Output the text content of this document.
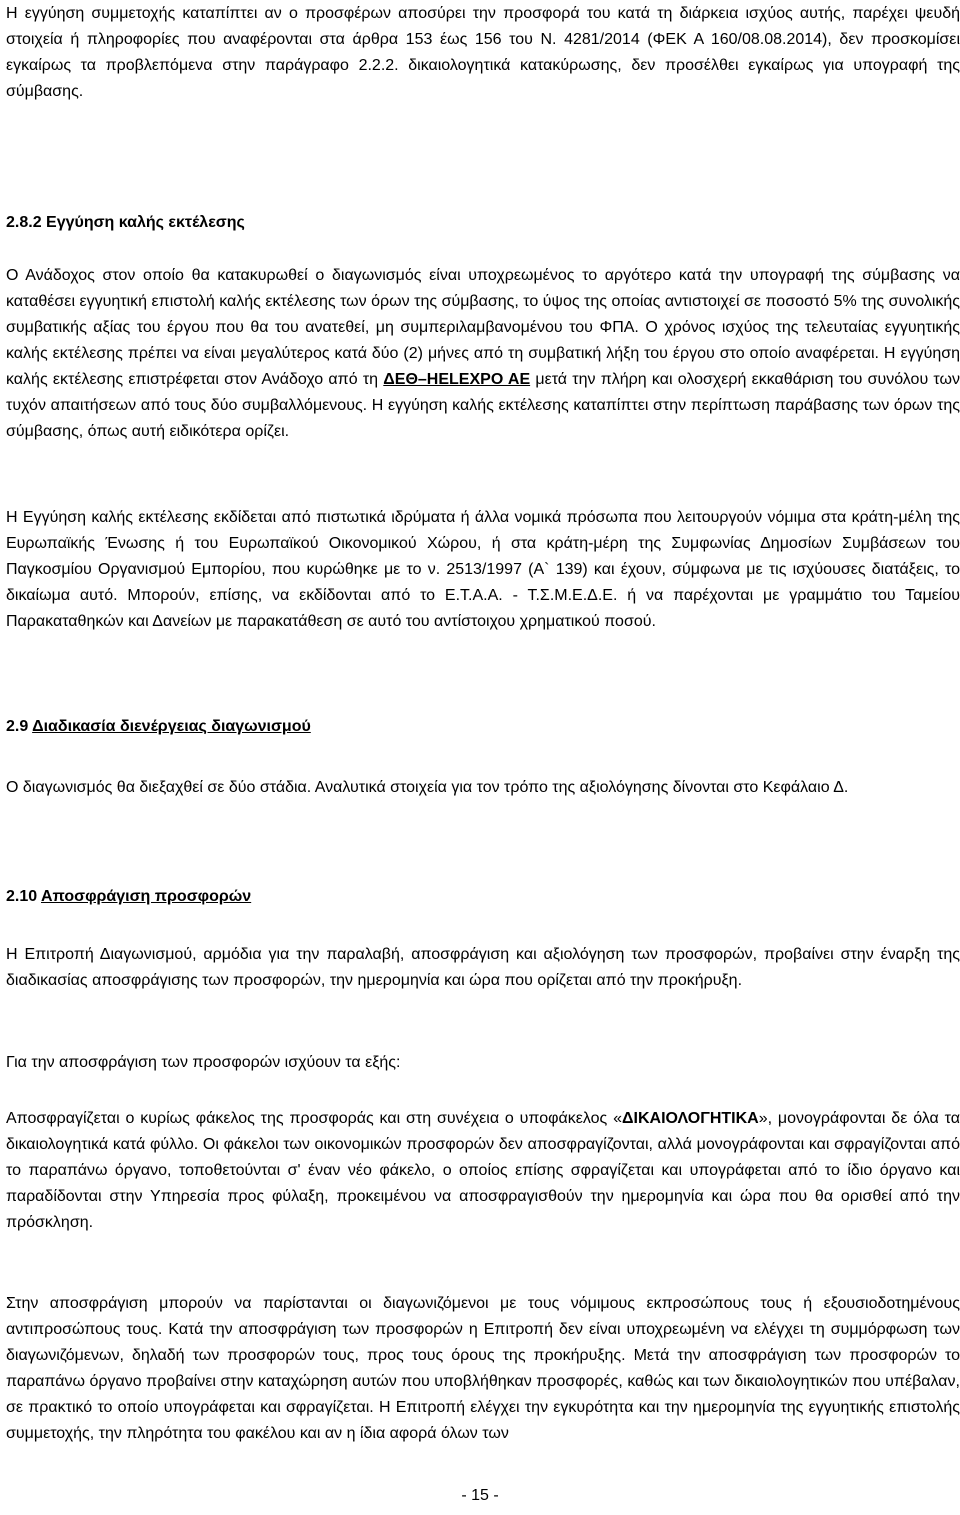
Η εγγύηση συμμετοχής καταπίπτει αν ο προσφέρων αποσύρει την προσφορά του κατά τη διάρκεια ισχύος αυτής, παρέχει ψευδή στοιχεία ή πληροφορίες που αναφέρονται στα άρθρα 153 έως 156 του Ν. 4281/2014 (ΦΕΚ Α 160/08.08.2014), δεν προσκομίσει εγκαίρως τα προβλεπόμενα στην παράγραφο 2.2.2. δικαιολογητικά κατακύρωσης, δεν προσέλθει εγκαίρως για υπογραφή της σύμβασης.

2.8.2 Εγγύηση καλής εκτέλεσης

Ο Ανάδοχος στον οποίο θα κατακυρωθεί ο διαγωνισμός είναι υποχρεωμένος το αργότερο κατά την υπογραφή της σύμβασης να καταθέσει εγγυητική επιστολή καλής εκτέλεσης των όρων της σύμβασης, το ύψος της οποίας αντιστοιχεί σε ποσοστό 5% της συνολικής συμβατικής αξίας του έργου που θα του ανατεθεί, μη συμπεριλαμβανομένου του ΦΠΑ. Ο χρόνος ισχύος της τελευταίας εγγυητικής καλής εκτέλεσης πρέπει να είναι μεγαλύτερος κατά δύο (2) μήνες από τη συμβατική λήξη του έργου στο οποίο αναφέρεται. Η εγγύηση καλής εκτέλεσης επιστρέφεται στον Ανάδοχο από τη ΔΕΘ–HELEXPO AE μετά την πλήρη και ολοσχερή εκκαθάριση του συνόλου των τυχόν απαιτήσεων από τους δύο συμβαλλόμενους. Η εγγύηση καλής εκτέλεσης καταπίπτει στην περίπτωση παράβασης των όρων της σύμβασης, όπως αυτή ειδικότερα ορίζει.

Η Εγγύηση καλής εκτέλεσης εκδίδεται από πιστωτικά ιδρύματα ή άλλα νομικά πρόσωπα που λειτουργούν νόμιμα στα κράτη-μέλη της Ευρωπαϊκής Ένωσης ή του Ευρωπαϊκού Οικονομικού Χώρου, ή στα κράτη-μέρη της Συμφωνίας Δημοσίων Συμβάσεων του Παγκοσμίου Οργανισμού Εμπορίου, που κυρώθηκε με το ν. 2513/1997 (Α` 139) και έχουν, σύμφωνα με τις ισχύουσες διατάξεις, το δικαίωμα αυτό. Μπορούν, επίσης, να εκδίδονται από το Ε.Τ.Α.Α. - Τ.Σ.Μ.Ε.Δ.Ε. ή να παρέχονται με γραμμάτιο του Ταμείου Παρακαταθηκών και Δανείων με παρακατάθεση σε αυτό του αντίστοιχου χρηματικού ποσού.

2.9 Διαδικασία διενέργειας διαγωνισμού

Ο διαγωνισμός θα διεξαχθεί σε δύο στάδια. Αναλυτικά στοιχεία για τον τρόπο της αξιολόγησης δίνονται στο Κεφάλαιο Δ.

2.10 Αποσφράγιση προσφορών

Η Επιτροπή Διαγωνισμού, αρμόδια για την παραλαβή, αποσφράγιση και αξιολόγηση των προσφορών, προβαίνει στην έναρξη της διαδικασίας αποσφράγισης των προσφορών, την ημερομηνία και ώρα που ορίζεται από την προκήρυξη.

Για την αποσφράγιση των προσφορών ισχύουν τα εξής:

Αποσφραγίζεται ο κυρίως φάκελος της προσφοράς και στη συνέχεια ο υποφάκελος «ΔΙΚΑΙΟΛΟΓΗΤΙΚΑ», μονογράφονται δε όλα τα δικαιολογητικά κατά φύλλο. Οι φάκελοι των οικονομικών προσφορών δεν αποσφραγίζονται, αλλά μονογράφονται και σφραγίζονται από το παραπάνω όργανο, τοποθετούνται σ' έναν νέο φάκελο, ο οποίος επίσης σφραγίζεται και υπογράφεται από το ίδιο όργανο και παραδίδονται στην Υπηρεσία προς φύλαξη, προκειμένου να αποσφραγισθούν την ημερομηνία και ώρα που θα ορισθεί από την πρόσκληση.

Στην αποσφράγιση μπορούν να παρίστανται οι διαγωνιζόμενοι με τους νόμιμους εκπροσώπους τους ή εξουσιοδοτημένους αντιπροσώπους τους. Κατά την αποσφράγιση των προσφορών η Επιτροπή δεν είναι υποχρεωμένη να ελέγχει τη συμμόρφωση των διαγωνιζόμενων, δηλαδή των προσφορών τους, προς τους όρους της προκήρυξης. Μετά την αποσφράγιση των προσφορών το παραπάνω όργανο προβαίνει στην καταχώρηση αυτών που υποβλήθηκαν προσφορές, καθώς και των δικαιολογητικών που υπέβαλαν, σε πρακτικό το οποίο υπογράφεται και σφραγίζεται. Η Επιτροπή ελέγχει την εγκυρότητα και την ημερομηνία της εγγυητικής επιστολής συμμετοχής, την πληρότητα του φακέλου και αν η ίδια αφορά όλων των

- 15 -
